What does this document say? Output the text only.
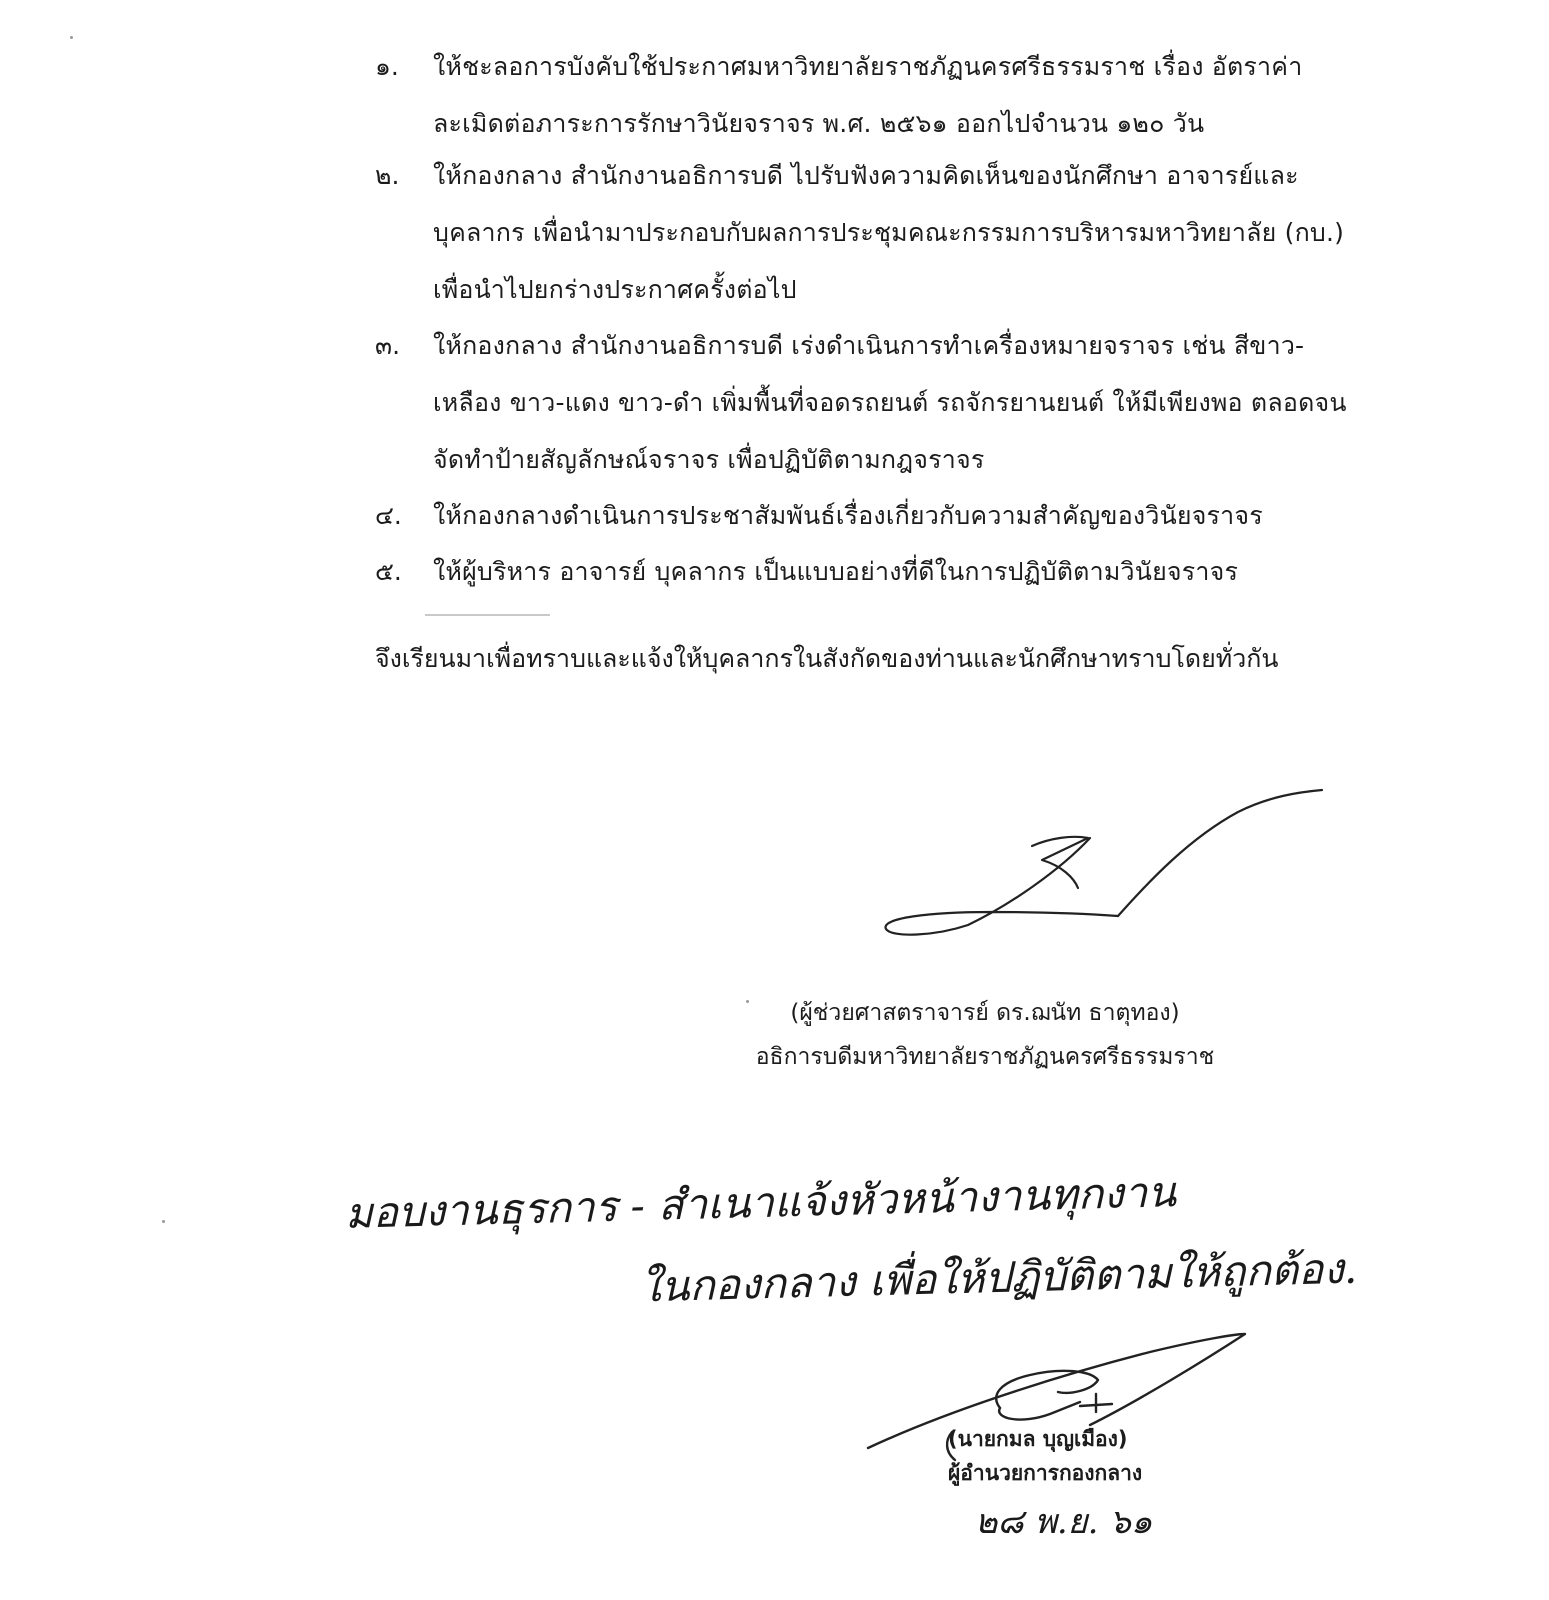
๑. ให้ชะลอการบังคับใช้ประกาศมหาวิทยาลัยราชภัฏนครศรีธรรมราช เรื่อง อัตราค่าละเมิดต่อภาระการรักษาวินัยจราจร พ.ศ. ๒๕๖๑ ออกไปจำนวน ๑๒๐ วัน
๒. ให้กองกลาง สำนักงานอธิการบดี ไปรับฟังความคิดเห็นของนักศึกษา อาจารย์และบุคลากร เพื่อนำมาประกอบกับผลการประชุมคณะกรรมการบริหารมหาวิทยาลัย (กบ.) เพื่อนำไปยกร่างประกาศครั้งต่อไป
๓. ให้กองกลาง สำนักงานอธิการบดี เร่งดำเนินการทำเครื่องหมายจราจร เช่น สีขาว-เหลือง ขาว-แดง ขาว-ดำ เพิ่มพื้นที่จอดรถยนต์ รถจักรยานยนต์ ให้มีเพียงพอ ตลอดจนจัดทำป้ายสัญลักษณ์จราจร เพื่อปฏิบัติตามกฎจราจร
๔. ให้กองกลางดำเนินการประชาสัมพันธ์เรื่องเกี่ยวกับความสำคัญของวินัยจราจร
๕. ให้ผู้บริหาร อาจารย์ บุคลากร เป็นแบบอย่างที่ดีในการปฏิบัติตามวินัยจราจร
จึงเรียนมาเพื่อทราบและแจ้งให้บุคลากรในสังกัดของท่านและนักศึกษาทราบโดยทั่วกัน
(ผู้ช่วยศาสตราจารย์ ดร.ฌนัท ธาตุทอง)
อธิการบดีมหาวิทยาลัยราชภัฏนครศรีธรรมราช
มอบงานธุรการ - สำเนาแจ้งหัวหน้างานทุกงาน
ในกองกลาง เพื่อให้ปฏิบัติตามให้ถูกต้อง.
(นายกมล บุญเมือง)
ผู้อำนวยการกองกลาง
๒๘ พ.ย. ๖๑
